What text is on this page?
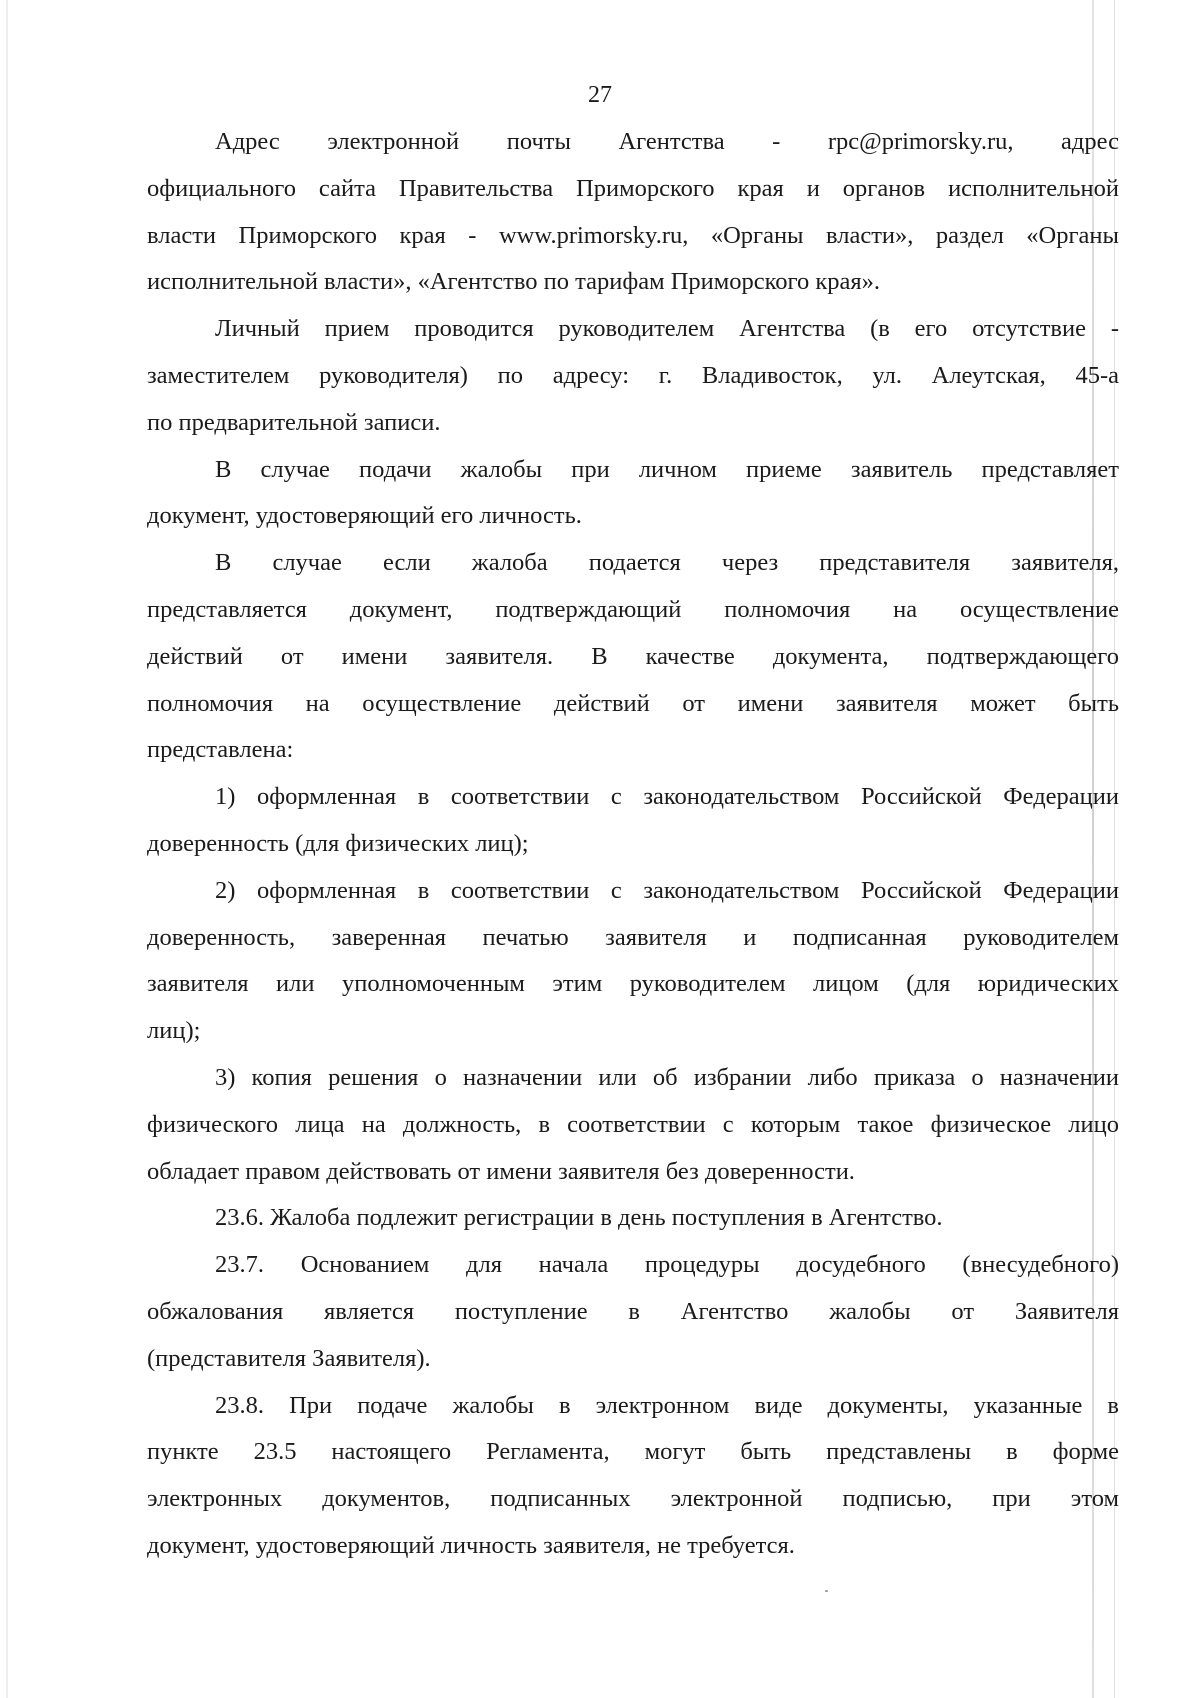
27
Адрес электронной почты Агентства - rpc@primorsky.ru, адрес
официального сайта Правительства Приморского края и органов исполнительной
власти Приморского края - www.primorsky.ru, «Органы власти», раздел «Органы
исполнительной власти», «Агентство по тарифам Приморского края».
Личный прием проводится руководителем Агентства (в его отсутствие -
заместителем руководителя) по адресу: г. Владивосток, ул. Алеутская, 45-а
по предварительной записи.
В случае подачи жалобы при личном приеме заявитель представляет
документ, удостоверяющий его личность.
В случае если жалоба подается через представителя заявителя,
представляется документ, подтверждающий полномочия на осуществление
действий от имени заявителя. В качестве документа, подтверждающего
полномочия на осуществление действий от имени заявителя может быть
представлена:
1) оформленная в соответствии с законодательством Российской Федерации
доверенность (для физических лиц);
2) оформленная в соответствии с законодательством Российской Федерации
доверенность, заверенная печатью заявителя и подписанная руководителем
заявителя или уполномоченным этим руководителем лицом (для юридических
лиц);
3) копия решения о назначении или об избрании либо приказа о назначении
физического лица на должность, в соответствии с которым такое физическое лицо
обладает правом действовать от имени заявителя без доверенности.
23.6. Жалоба подлежит регистрации в день поступления в Агентство.
23.7. Основанием для начала процедуры досудебного (внесудебного)
обжалования является поступление в Агентство жалобы от Заявителя
(представителя Заявителя).
23.8. При подаче жалобы в электронном виде документы, указанные в
пункте 23.5 настоящего Регламента, могут быть представлены в форме
электронных документов, подписанных электронной подписью, при этом
документ, удостоверяющий личность заявителя, не требуется.
